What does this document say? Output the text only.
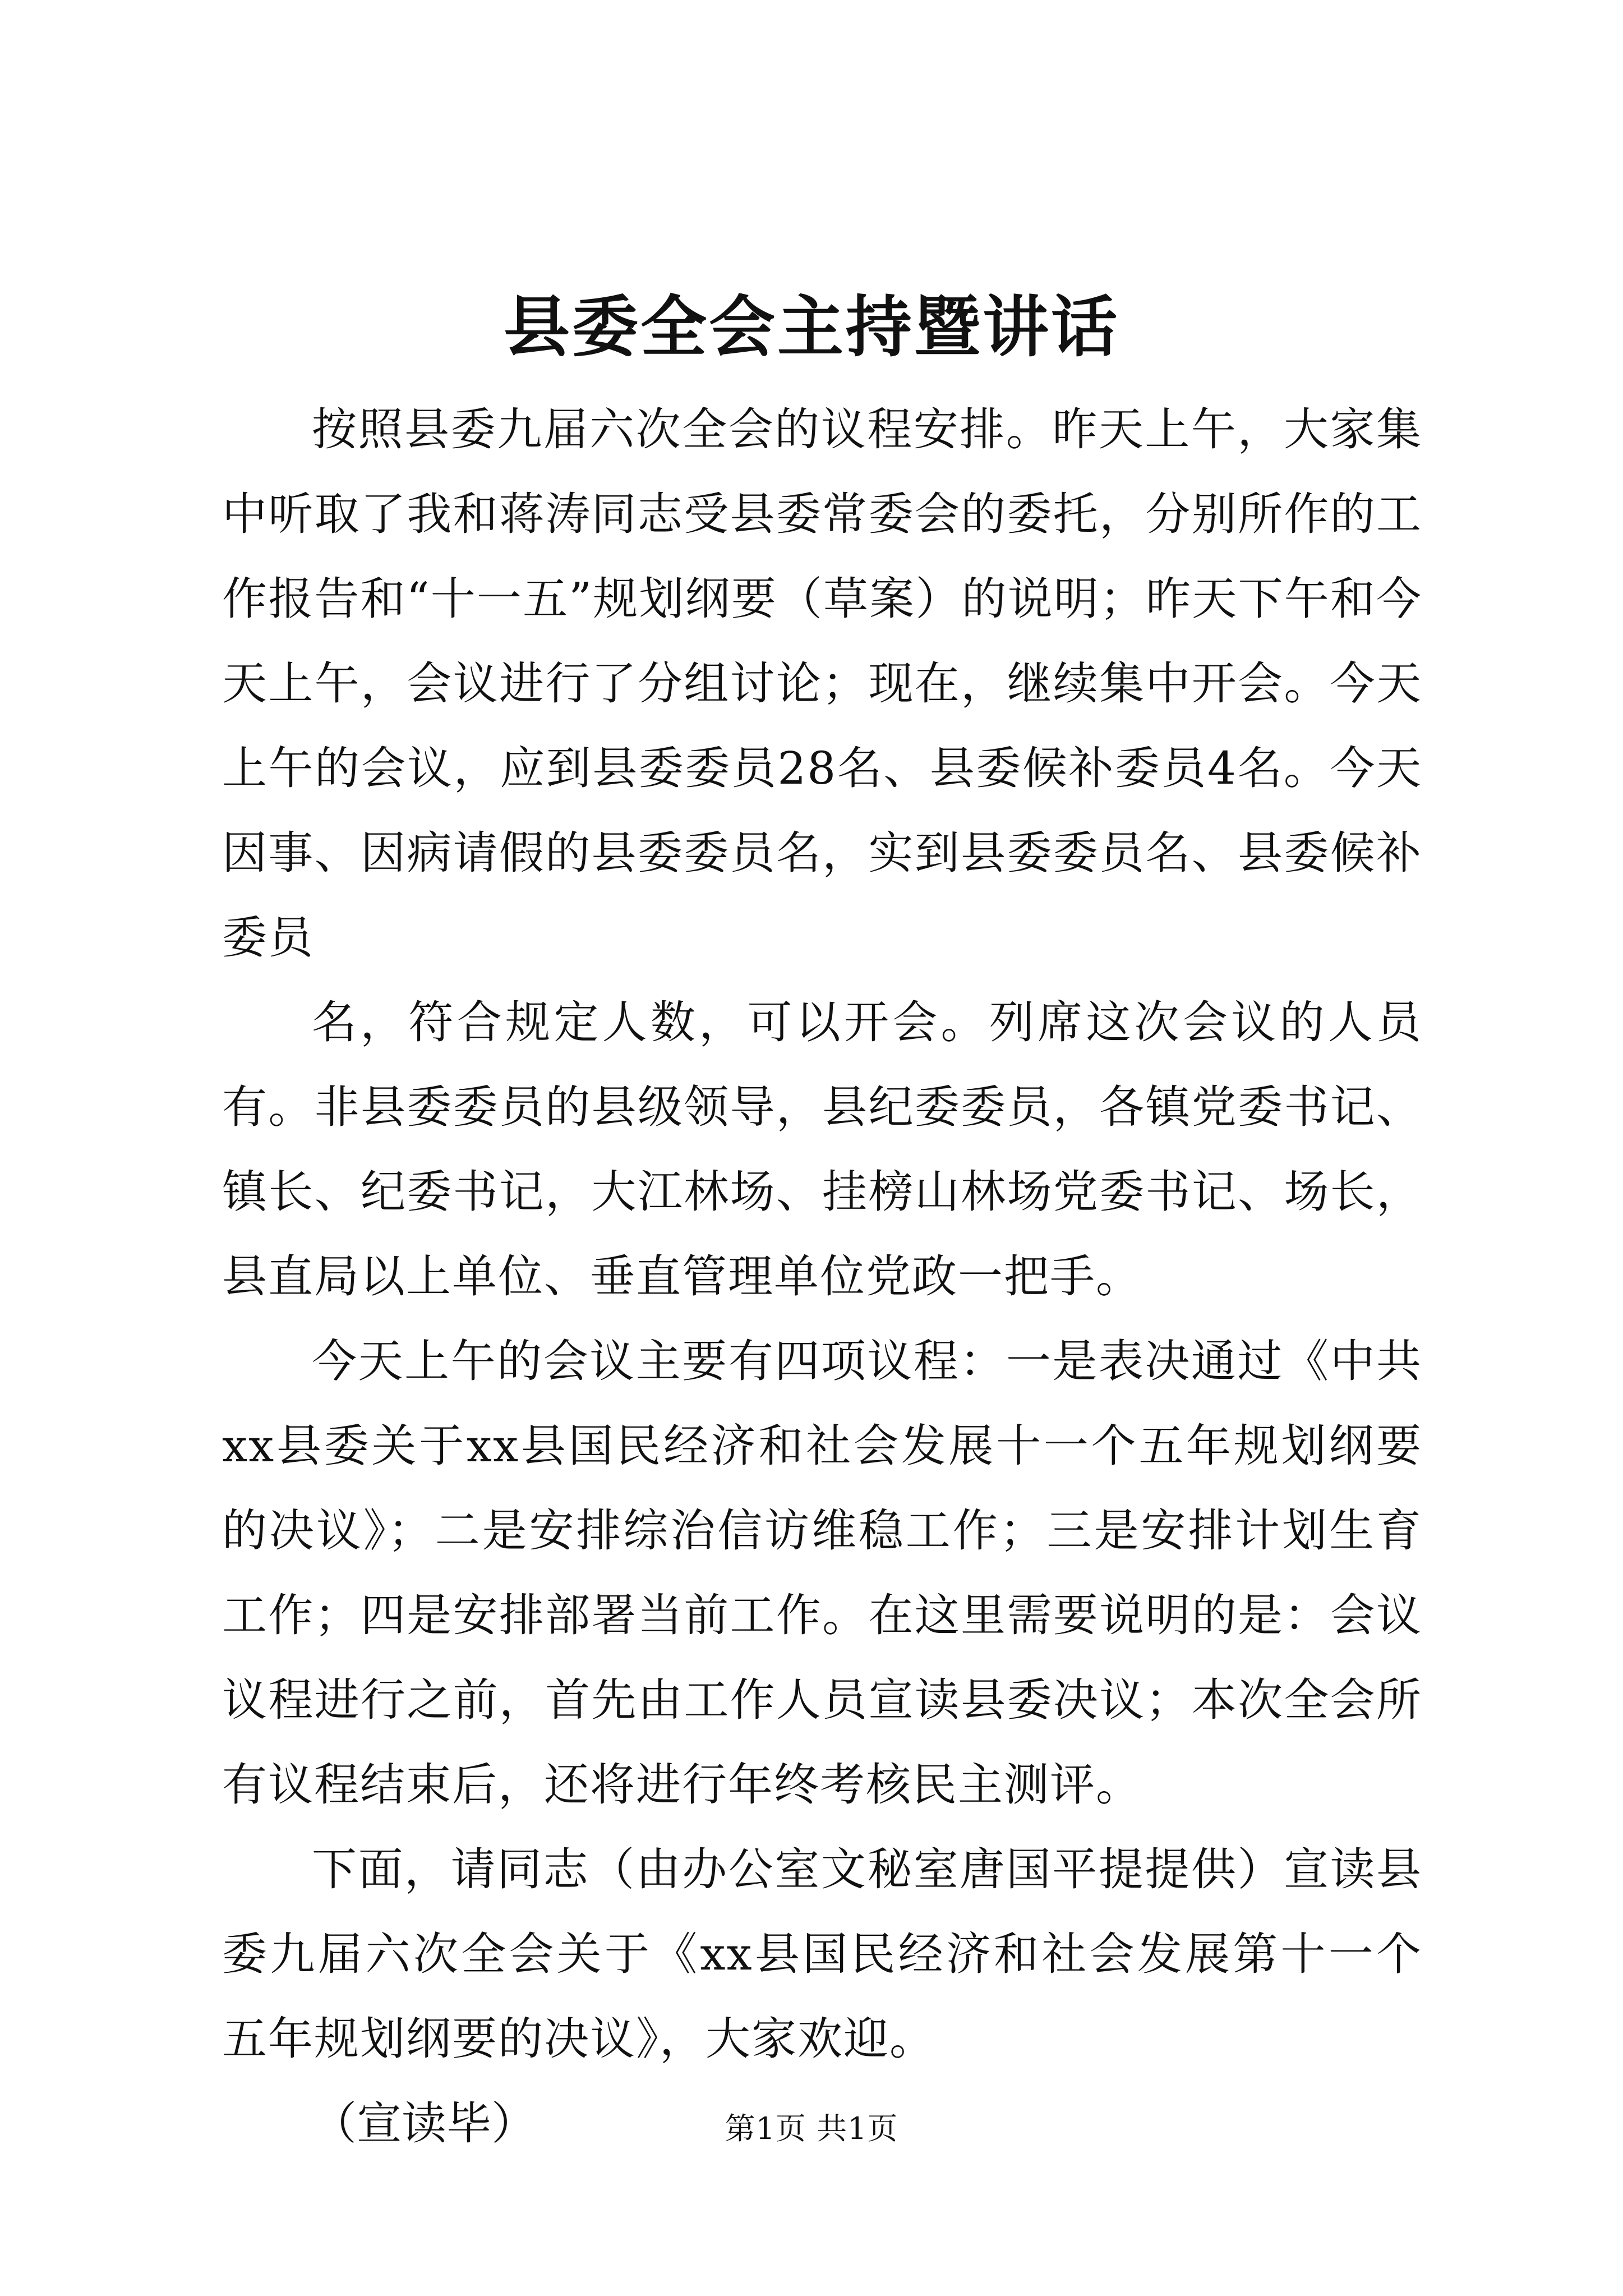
县委全会主持暨讲话

按照县委九届六次全会的议程安排。昨天上午，大家集中听取了我和蒋涛同志受县委常委会的委托，分别所作的工作报告和“十一五”规划纲要（草案）的说明；昨天下午和今天上午，会议进行了分组讨论；现在，继续集中开会。今天上午的会议，应到县委委员28名、县委候补委员4名。今天因事、因病请假的县委委员名，实到县委委员名、县委候补委员

名，符合规定人数，可以开会。列席这次会议的人员有。非县委委员的县级领导，县纪委委员，各镇党委书记、镇长、纪委书记，大江林场、挂榜山林场党委书记、场长，县直局以上单位、垂直管理单位党政一把手。

今天上午的会议主要有四项议程：一是表决通过《中共xx县委关于xx县国民经济和社会发展十一个五年规划纲要的决议》；二是安排综治信访维稳工作；三是安排计划生育工作；四是安排部署当前工作。在这里需要说明的是：会议议程进行之前，首先由工作人员宣读县委决议；本次全会所有议程结束后，还将进行年终考核民主测评。

下面，请同志（由办公室文秘室唐国平提提供）宣读县委九届六次全会关于《xx县国民经济和社会发展第十一个五年规划纲要的决议》，大家欢迎。

（宣读毕）	第1页 共1页
